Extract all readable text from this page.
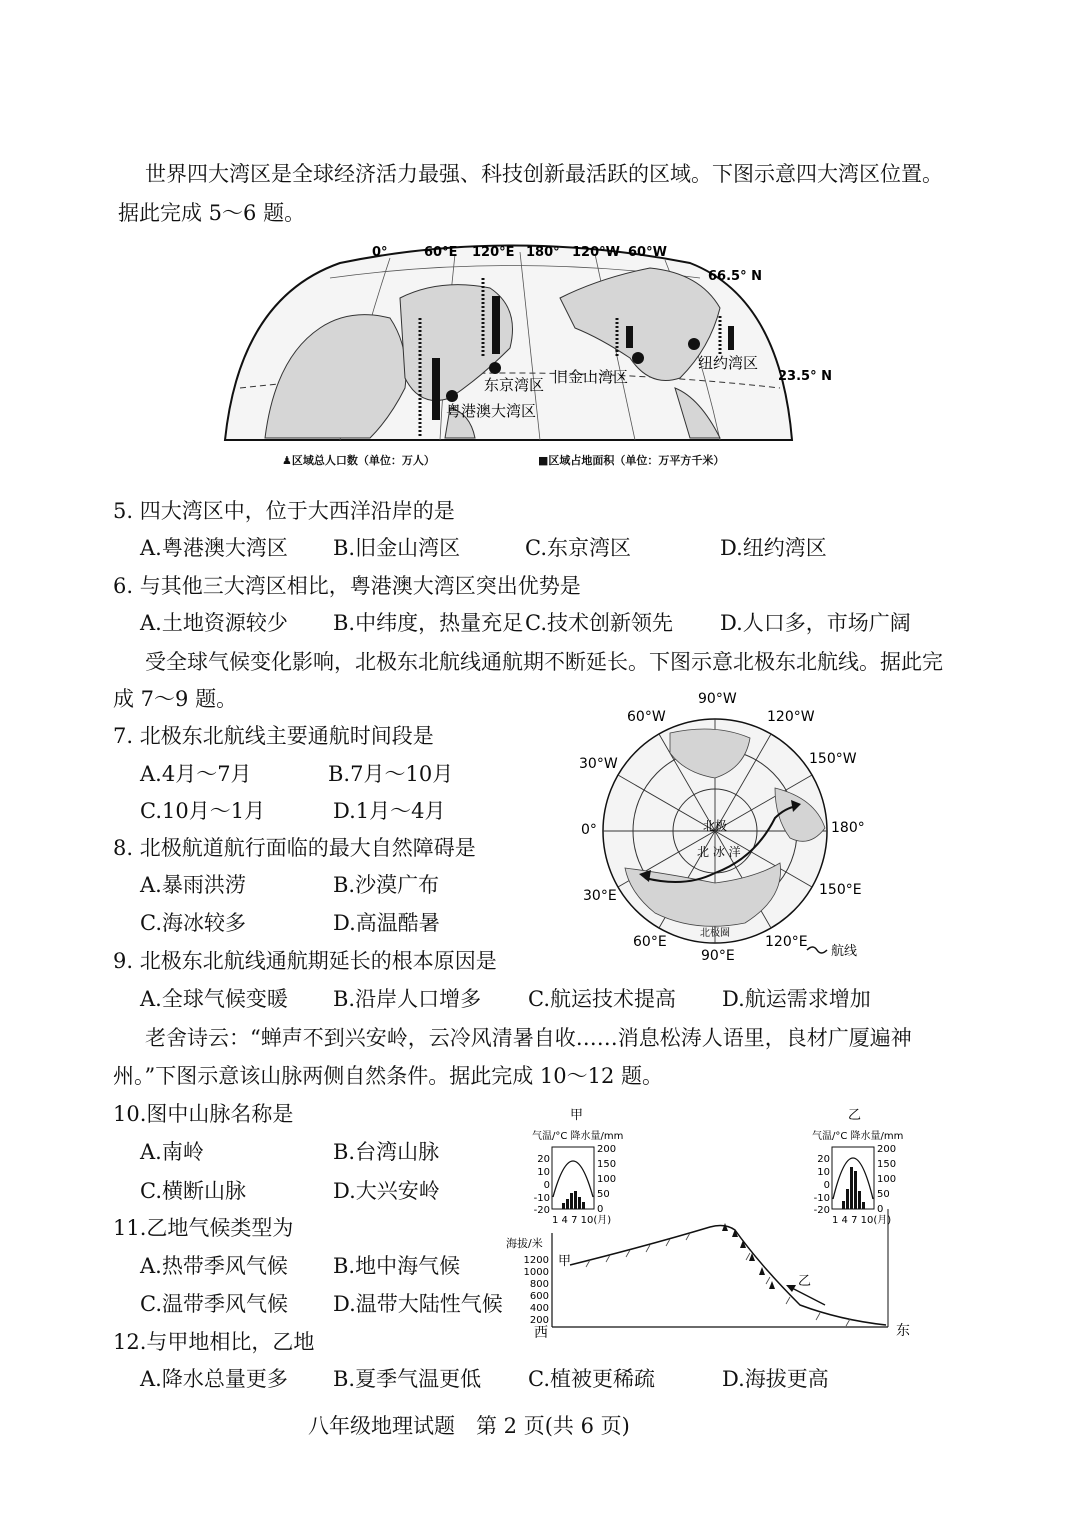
世界四大湾区是全球经济活力最强、科技创新最活跃的区域。下图示意四大湾区位置。
据此完成 5～6 题。
0°	60°E 120°E 180° 120°W 60°W
66.5° N
23.5° N
东京湾区 旧金山湾区
粤港澳大湾区
纽约湾区
♟区域总人口数（单位：万人）	■区域占地面积（单位：万平方千米）
5. 四大湾区中，位于大西洋沿岸的是
A.粤港澳大湾区 B.旧金山湾区	C.东京湾区	D.纽约湾区
6. 与其他三大湾区相比，粤港澳大湾区突出优势是
A.土地资源较少 B.中纬度，热量充足 C.技术创新领先 D.人口多，市场广阔
受全球气候变化影响，北极东北航线通航期不断延长。下图示意北极东北航线。据此完
成 7～9 题。
7. 北极东北航线主要通航时间段是
A.4月～7月	B.7月～10月
C.10月～1月	D.1月～4月
8. 北极航道航行面临的最大自然障碍是
A.暴雨洪涝	B.沙漠广布
C.海冰较多	D.高温酷暑
90°W
60°W	120°W
30°W	150°W
0°	180°
30°E	150°E
60°E	120°E
90°E
北极
北 冰 洋
北极圈
航线
9. 北极东北航线通航期延长的根本原因是
A.全球气候变暖 B.沿岸人口增多 C.航运技术提高 D.航运需求增加
老舍诗云：“蝉声不到兴安岭，云冷风清暑自收……消息松涛人语里，良材广厦遍神
州。”下图示意该山脉两侧自然条件。据此完成 10～12 题。
10.图中山脉名称是
A.南岭	B.台湾山脉
C.横断山脉	D.大兴安岭
11.乙地气候类型为
A.热带季风气候 B.地中海气候
C.温带季风气候 D.温带大陆性气候
12.与甲地相比，乙地
A.降水总量更多 B.夏季气温更低 C.植被更稀疏	D.海拔更高
甲
气温/°C 降水量/mm
20
10
0
-10
-20
200
150
100
50
0
1 4 7 10(月)
乙
气温/°C 降水量/mm
20
10
0
-10
-20
200
150
100
50
0
1 4 7 10(月)
海拔/米
1200
1000
800
600
400
200
西	东
甲
乙
八年级地理试题　第 2 页(共 6 页)
